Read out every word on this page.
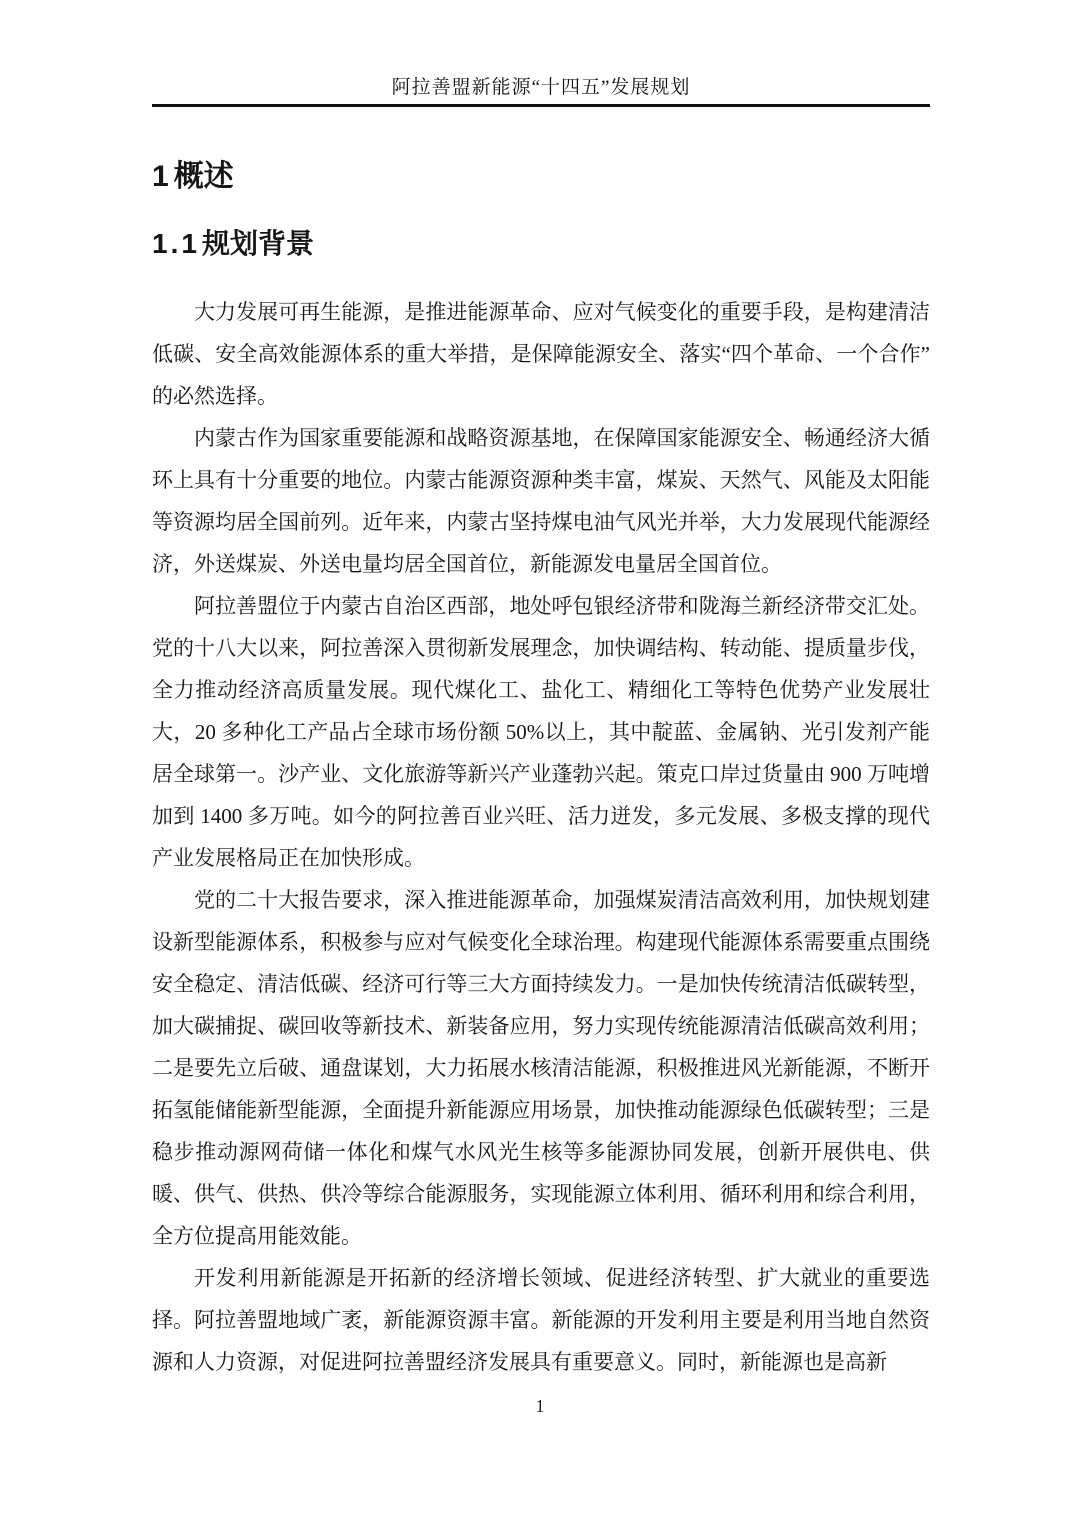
阿拉善盟新能源“十四五”发展规划
1概述
1.1规划背景

大力发展可再生能源，是推进能源革命、应对气候变化的重要手段，是构建清洁低碳、安全高效能源体系的重大举措，是保障能源安全、落实“四个革命、一个合作”的必然选择。

内蒙古作为国家重要能源和战略资源基地，在保障国家能源安全、畅通经济大循环上具有十分重要的地位。内蒙古能源资源种类丰富，煤炭、天然气、风能及太阳能等资源均居全国前列。近年来，内蒙古坚持煤电油气风光并举，大力发展现代能源经济，外送煤炭、外送电量均居全国首位，新能源发电量居全国首位。

阿拉善盟位于内蒙古自治区西部，地处呼包银经济带和陇海兰新经济带交汇处。党的十八大以来，阿拉善深入贯彻新发展理念，加快调结构、转动能、提质量步伐，全力推动经济高质量发展。现代煤化工、盐化工、精细化工等特色优势产业发展壮大，20 多种化工产品占全球市场份额 50%以上，其中靛蓝、金属钠、光引发剂产能居全球第一。沙产业、文化旅游等新兴产业蓬勃兴起。策克口岸过货量由 900 万吨增加到 1400 多万吨。如今的阿拉善百业兴旺、活力迸发，多元发展、多极支撑的现代产业发展格局正在加快形成。

党的二十大报告要求，深入推进能源革命，加强煤炭清洁高效利用，加快规划建设新型能源体系，积极参与应对气候变化全球治理。构建现代能源体系需要重点围绕安全稳定、清洁低碳、经济可行等三大方面持续发力。一是加快传统清洁低碳转型，加大碳捕捉、碳回收等新技术、新装备应用，努力实现传统能源清洁低碳高效利用；二是要先立后破、通盘谋划，大力拓展水核清洁能源，积极推进风光新能源，不断开拓氢能储能新型能源，全面提升新能源应用场景，加快推动能源绿色低碳转型；三是稳步推动源网荷储一体化和煤气水风光生核等多能源协同发展，创新开展供电、供暖、供气、供热、供冷等综合能源服务，实现能源立体利用、循环利用和综合利用，全方位提高用能效能。

开发利用新能源是开拓新的经济增长领域、促进经济转型、扩大就业的重要选择。阿拉善盟地域广袤，新能源资源丰富。新能源的开发利用主要是利用当地自然资源和人力资源，对促进阿拉善盟经济发展具有重要意义。同时，新能源也是高新

1
